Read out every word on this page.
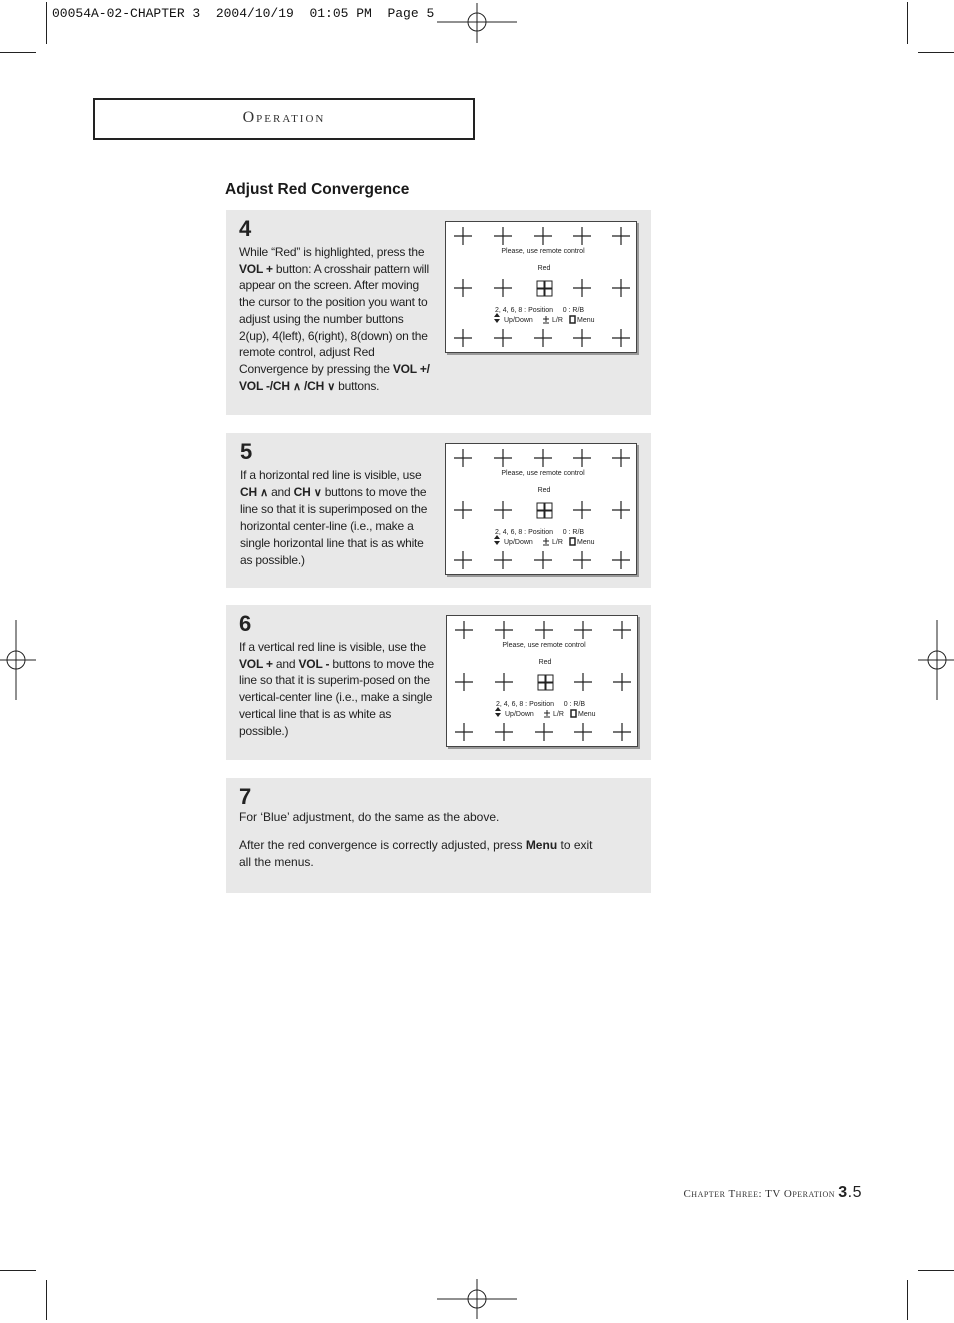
00054A-02-CHAPTER 3  2004/10/19  01:05 PM  Page 5
Operation
Adjust Red Convergence
4
While “Red” is highlighted, press the VOL + button: A crosshair pattern will appear on the screen. After moving the cursor to the position you want to adjust using the number buttons 2(up), 4(left), 6(right), 8(down) on the remote control, adjust Red Convergence by pressing the VOL +/ VOL -/CH ∧ /CH ∨ buttons.
Please, use remote control
Red
2, 4, 6, 8 : Position     0 : R/B
Up/Down	L/R Menu
5
If a horizontal red line is visible, use CH ∧ and CH ∨ buttons to move the line so that it is superimposed on the horizontal center-line (i.e., make a single horizontal line that is as white as possible.)
Please, use remote control
Red
2, 4, 6, 8 : Position     0 : R/B
Up/Down	L/R Menu
6
If a vertical red line is visible, use the VOL + and VOL - buttons to move the line so that it is superim-posed on the vertical-center line (i.e., make a single vertical line that is as white as possible.)
Please, use remote control
Red
2, 4, 6, 8 : Position     0 : R/B
Up/Down	L/R Menu
7
For ‘Blue’ adjustment, do the same as the above.
After the red convergence is correctly adjusted, press Menu to exit all the menus.
Chapter Three: TV Operation 3.5
